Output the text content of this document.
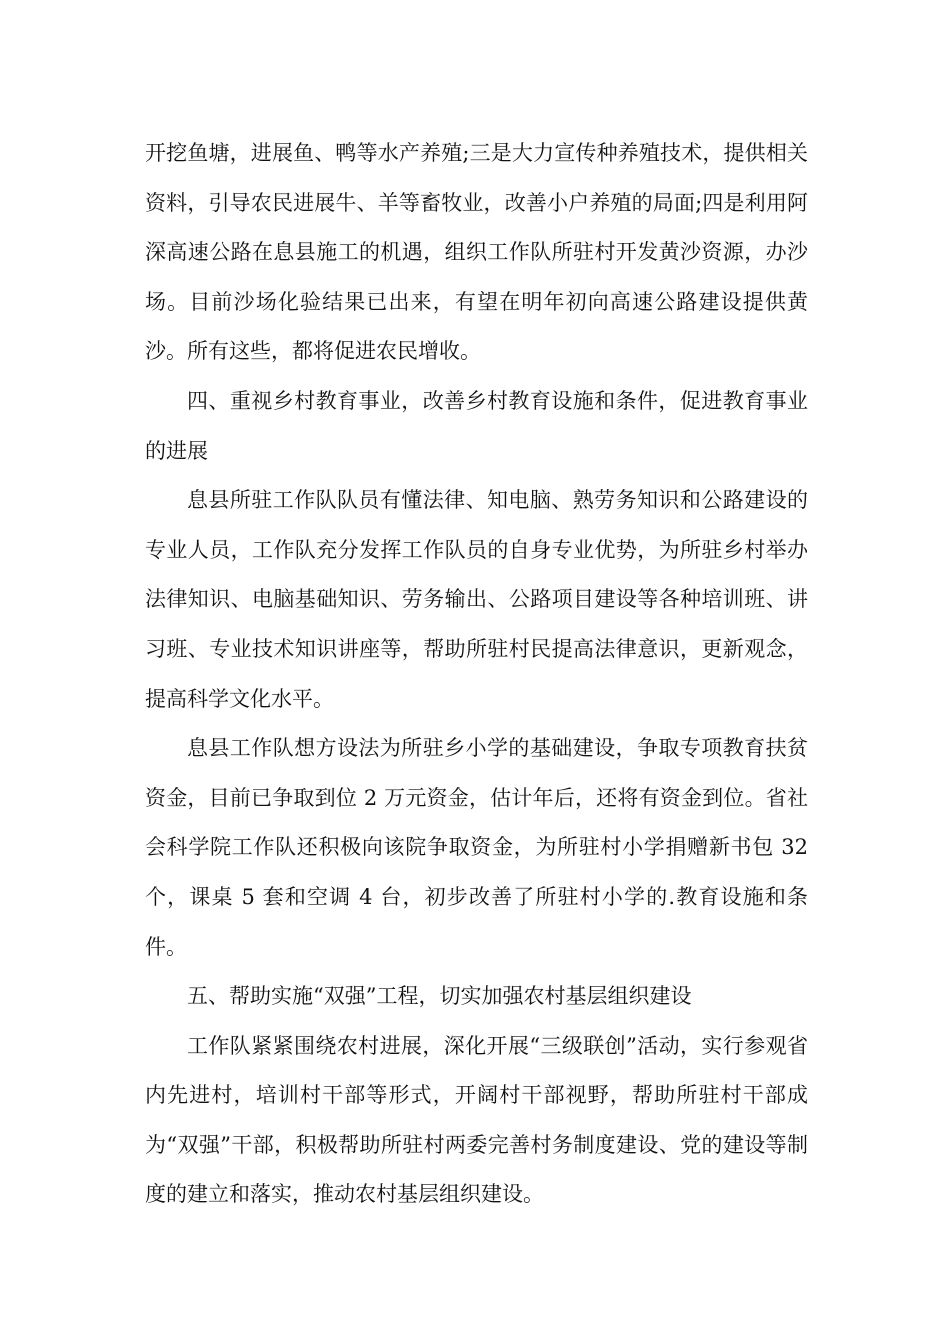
开挖鱼塘，进展鱼、鸭等水产养殖;三是大力宣传种养殖技术，提供相关资料，引导农民进展牛、羊等畜牧业，改善小户养殖的局面;四是利用阿深高速公路在息县施工的机遇，组织工作队所驻村开发黄沙资源，办沙场。目前沙场化验结果已出来，有望在明年初向高速公路建设提供黄沙。所有这些，都将促进农民增收。

四、重视乡村教育事业，改善乡村教育设施和条件，促进教育事业的进展

息县所驻工作队队员有懂法律、知电脑、熟劳务知识和公路建设的专业人员，工作队充分发挥工作队员的自身专业优势，为所驻乡村举办法律知识、电脑基础知识、劳务输出、公路项目建设等各种培训班、讲习班、专业技术知识讲座等，帮助所驻村民提高法律意识，更新观念，提高科学文化水平。

息县工作队想方设法为所驻乡小学的基础建设，争取专项教育扶贫资金，目前已争取到位 2 万元资金，估计年后，还将有资金到位。省社会科学院工作队还积极向该院争取资金，为所驻村小学捐赠新书包 32 个，课桌 5 套和空调 4 台，初步改善了所驻村小学的.教育设施和条件。

五、帮助实施“双强”工程，切实加强农村基层组织建设

工作队紧紧围绕农村进展，深化开展“三级联创”活动，实行参观省内先进村，培训村干部等形式，开阔村干部视野，帮助所驻村干部成为“双强”干部，积极帮助所驻村两委完善村务制度建设、党的建设等制度的建立和落实，推动农村基层组织建设。
